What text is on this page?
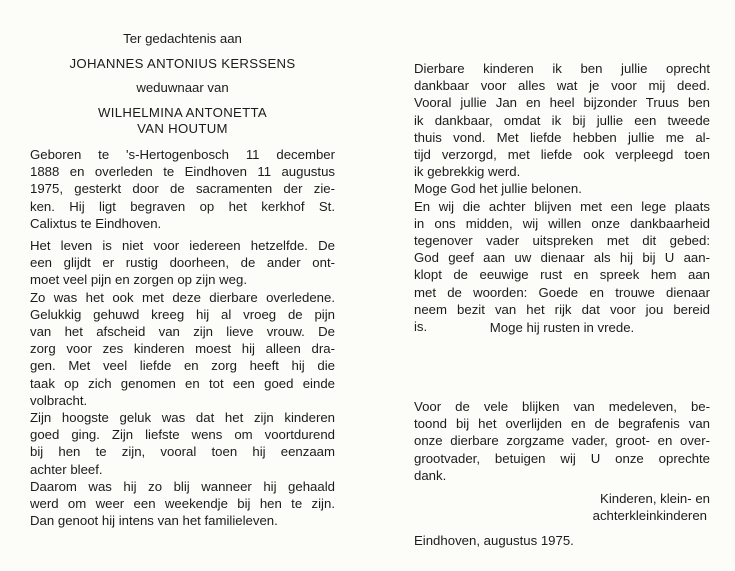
Ter gedachtenis aan
JOHANNES ANTONIUS KERSSENS
weduwnaar van
WILHELMINA ANTONETTA
VAN HOUTUM
Geboren te 's-Hertogenbosch 11 december
1888 en overleden te Eindhoven 11 augustus
1975, gesterkt door de sacramenten der zie-
ken. Hij ligt begraven op het kerkhof St.
Calixtus te Eindhoven.
Het leven is niet voor iedereen hetzelfde. De
een glijdt er rustig doorheen, de ander ont-
moet veel pijn en zorgen op zijn weg.
Zo was het ook met deze dierbare overledene.
Gelukkig gehuwd kreeg hij al vroeg de pijn
van het afscheid van zijn lieve vrouw. De
zorg voor zes kinderen moest hij alleen dra-
gen. Met veel liefde en zorg heeft hij die
taak op zich genomen en tot een goed einde
volbracht.
Zijn hoogste geluk was dat het zijn kinderen
goed ging. Zijn liefste wens om voortdurend
bij hen te zijn, vooral toen hij eenzaam
achter bleef.
Daarom was hij zo blij wanneer hij gehaald
werd om weer een weekendje bij hen te zijn.
Dan genoot hij intens van het familieleven.
Dierbare kinderen ik ben jullie oprecht
dankbaar voor alles wat je voor mij deed.
Vooral jullie Jan en heel bijzonder Truus ben
ik dankbaar, omdat ik bij jullie een tweede
thuis vond. Met liefde hebben jullie me al-
tijd verzorgd, met liefde ook verpleegd toen
ik gebrekkig werd.
Moge God het jullie belonen.
En wij die achter blijven met een lege plaats
in ons midden, wij willen onze dankbaarheid
tegenover vader uitspreken met dit gebed:
God geef aan uw dienaar als hij bij U aan-
klopt de eeuwige rust en spreek hem aan
met de woorden: Goede en trouwe dienaar
neem bezit van het rijk dat voor jou bereid
is.	Moge hij rusten in vrede.
Voor de vele blijken van medeleven, be-
toond bij het overlijden en de begrafenis van
onze dierbare zorgzame vader, groot- en over-
grootvader, betuigen wij U onze oprechte
dank.
Kinderen, klein- en
achterkleinkinderen
Eindhoven, augustus 1975.
